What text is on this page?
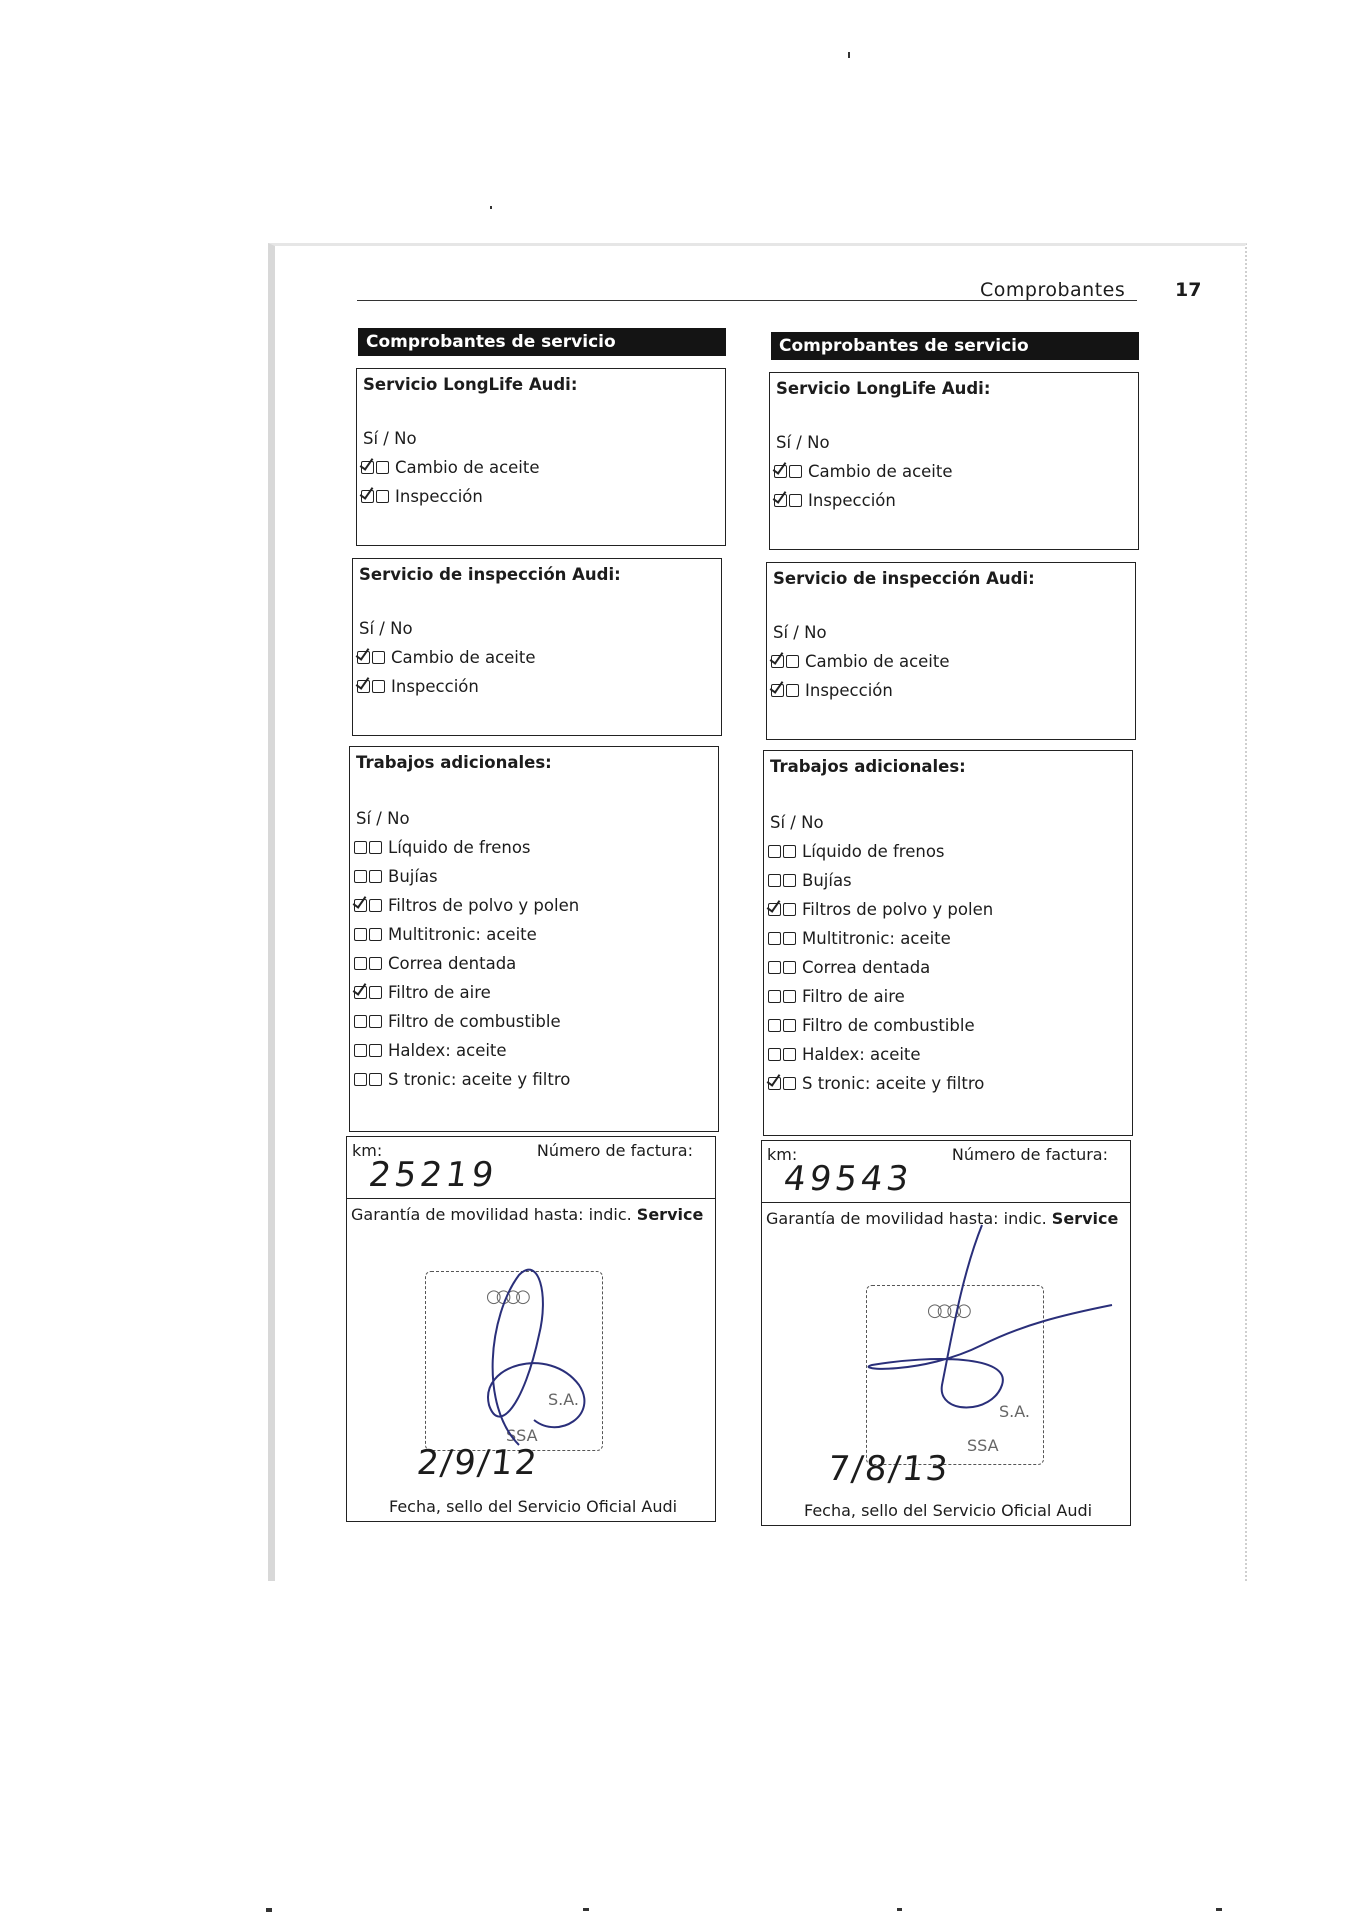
Comprobantes	17
Comprobantes de servicio
Servicio LongLife Audi:
Sí / No
Cambio de aceite
Inspección
Servicio de inspección Audi:
Sí / No
Cambio de aceite
Inspección
Trabajos adicionales:
Sí / No
Líquido de frenos
Bujías
Filtros de polvo y polen
Multitronic: aceite
Correa dentada
Filtro de aire
Filtro de combustible
Haldex: aceite
S tronic: aceite y filtro
km:	Número de factura:
25219
Garantía de movilidad hasta: indic. Service
○○○○
S.A.
SSA
2/9/12
Fecha, sello del Servicio Oficial Audi
Comprobantes de servicio
Servicio LongLife Audi:
Sí / No
Cambio de aceite
Inspección
Servicio de inspección Audi:
Sí / No
Cambio de aceite
Inspección
Trabajos adicionales:
Sí / No
Líquido de frenos
Bujías
Filtros de polvo y polen
Multitronic: aceite
Correa dentada
Filtro de aire
Filtro de combustible
Haldex: aceite
S tronic: aceite y filtro
km:	Número de factura:
49543
Garantía de movilidad hasta: indic. Service
○○○○
S.A.
SSA
7/8/13
Fecha, sello del Servicio Oficial Audi
